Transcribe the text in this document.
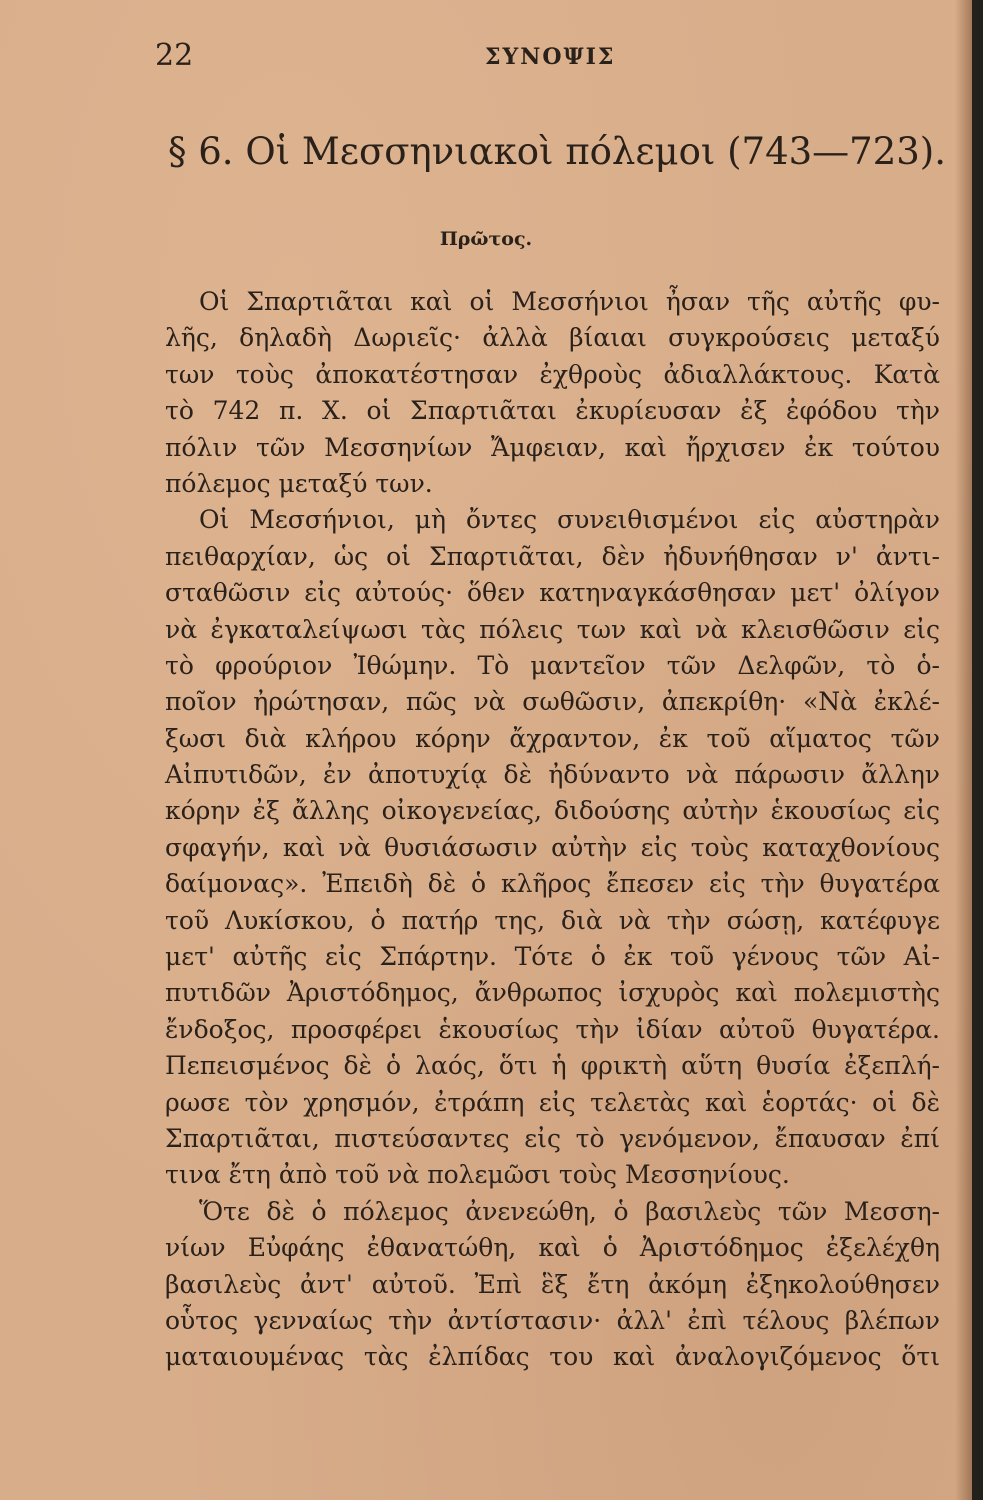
22	ΣΥΝΟΨΙΣ
§ 6. Οἱ Μεσσηνιακοὶ πόλεμοι (743—723).
Πρῶτος.
Οἱ Σπαρτιᾶται καὶ οἱ Μεσσήνιοι ἦσαν τῆς αὐτῆς φυ-
λῆς, δηλαδὴ Δωριεῖς· ἀλλὰ βίαιαι συγκρούσεις μεταξύ
των τοὺς ἀποκατέστησαν ἐχθροὺς ἀδιαλλάκτους. Κατὰ
τὸ 742 π. Χ. οἱ Σπαρτιᾶται ἐκυρίευσαν ἐξ ἐφόδου τὴν
πόλιν τῶν Μεσσηνίων Ἄμφειαν, καὶ ἤρχισεν ἐκ τούτου
πόλεμος μεταξύ των.
Οἱ Μεσσήνιοι, μὴ ὄντες συνειθισμένοι εἰς αὐστηρὰν
πειθαρχίαν, ὡς οἱ Σπαρτιᾶται, δὲν ἠδυνήθησαν ν' ἀντι-
σταθῶσιν εἰς αὐτούς· ὅθεν κατηναγκάσθησαν μετ' ὀλίγον
νὰ ἐγκαταλείψωσι τὰς πόλεις των καὶ νὰ κλεισθῶσιν εἰς
τὸ φρούριον Ἰθώμην. Τὸ μαντεῖον τῶν Δελφῶν, τὸ ὁ-
ποῖον ἠρώτησαν, πῶς νὰ σωθῶσιν, ἀπεκρίθη· «Νὰ ἐκλέ-
ξωσι διὰ κλήρου κόρην ἄχραντον, ἐκ τοῦ αἵματος τῶν
Αἰπυτιδῶν, ἐν ἀποτυχίᾳ δὲ ἠδύναντο νὰ πάρωσιν ἄλλην
κόρην ἐξ ἄλλης οἰκογενείας, διδούσης αὐτὴν ἑκουσίως εἰς
σφαγήν, καὶ νὰ θυσιάσωσιν αὐτὴν εἰς τοὺς καταχθονίους
δαίμονας». Ἐπειδὴ δὲ ὁ κλῆρος ἔπεσεν εἰς τὴν θυγατέρα
τοῦ Λυκίσκου, ὁ πατήρ της, διὰ νὰ τὴν σώσῃ, κατέφυγε
μετ' αὐτῆς εἰς Σπάρτην. Τότε ὁ ἐκ τοῦ γένους τῶν Αἰ-
πυτιδῶν Ἀριστόδημος, ἄνθρωπος ἰσχυρὸς καὶ πολεμιστὴς
ἔνδοξος, προσφέρει ἑκουσίως τὴν ἰδίαν αὐτοῦ θυγατέρα.
Πεπεισμένος δὲ ὁ λαός, ὅτι ἡ φρικτὴ αὕτη θυσία ἐξεπλή-
ρωσε τὸν χρησμόν, ἐτράπη εἰς τελετὰς καὶ ἑορτάς· οἱ δὲ
Σπαρτιᾶται, πιστεύσαντες εἰς τὸ γενόμενον, ἔπαυσαν ἐπί
τινα ἔτη ἀπὸ τοῦ νὰ πολεμῶσι τοὺς Μεσσηνίους.
Ὅτε δὲ ὁ πόλεμος ἀνενεώθη, ὁ βασιλεὺς τῶν Μεσση-
νίων Εὐφάης ἐθανατώθη, καὶ ὁ Ἀριστόδημος ἐξελέχθη
βασιλεὺς ἀντ' αὐτοῦ. Ἐπὶ ἓξ ἔτη ἀκόμη ἐξηκολούθησεν
οὗτος γενναίως τὴν ἀντίστασιν· ἀλλ' ἐπὶ τέλους βλέπων
ματαιουμένας τὰς ἐλπίδας του καὶ ἀναλογιζόμενος ὅτι
